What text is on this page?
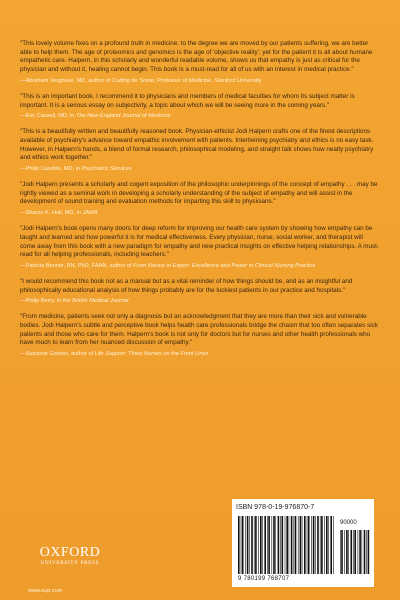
"This lovely volume fixes on a profound truth in medicine: to the degree we are moved by our patients suffering, we are better able to help them. The age of proteomics and genomics is the age of 'objective reality', yet for the patient it is all about humane empathetic care. Halpern, in this scholarly and wonderful readable volume, shows us that empathy is just as critical for the physician and without it, healing cannot begin. This book is a must-read for all of us with an interest in medical practice."

—Abraham Verghese, MD, author of Cutting for Stone, Professor of Medicine, Stanford University

"This is an important book. I recommend it to physicians and members of medical faculties for whom its subject matter is important. It is a serious essay on subjectivity, a topic about which we will be seeing more in the coming years."

—Eric Cassell, MD, in The New England Journal of Medicine

"This is a beautifully written and beautifully reasoned book. Physician-ethicist Jodi Halpern crafts one of the finest descriptions available of psychiatry's advance toward empathic involvement with patients. Intertwining psychiatry and ethics is no easy task. However, in Halpern's hands, a blend of formal research, philosophical modeling, and straight talk shows how neatly psychiatry and ethics work together."

—Philip Candilis, MD, in Psychiatric Services

"Jodi Halpern presents a scholarly and cogent exposition of the philosophic underpinnings of the concept of empathy . . . may be rightly viewed as a seminal work in developing a scholarly understanding of the subject of empathy and will assist in the development of sound training and evaluation methods for imparting this skill to physicians."

—Sharon K. Hull, MD, in JAMA

"Jodi Halpern's book opens many doors for deep reform for improving our health care system by showing how empathy can be taught and learned and how powerful it is for medical effectiveness. Every physician, nurse, social worker, and therapist will come away from this book with a new paradigm for empathy and new practical insights on effective helping relationships. A must-read for all helping professionals, including teachers."

—Patricia Benner, RN, PhD, FAAN, author of From Novice to Expert: Excellence and Power in Clinical Nursing Practice

"I would recommend this book not as a manual but as a vital reminder of how things should be, and as an insightful and philosophically educational analysis of how things probably are for the luckiest patients in our practice and hospitals."

—Philip Berry, in the British Medical Journal

"From medicine, patients seek not only a diagnosis but an acknowledgment that they are more than their sick and vulnerable bodies. Jodi Halpern's subtle and perceptive book helps health care professionals bridge the chasm that too often separates sick patients and those who care for them. Halpern's book is not only for doctors but for nurses and other health professionals who have much to learn from her nuanced discussion of empathy."

—Suzanne Gordon, author of Life Support: Three Nurses on the Front Lines

OXFORD
UNIVERSITY PRESS
www.oup.com
ISBN 978-0-19-976870-7
90000
9 780199 768707
